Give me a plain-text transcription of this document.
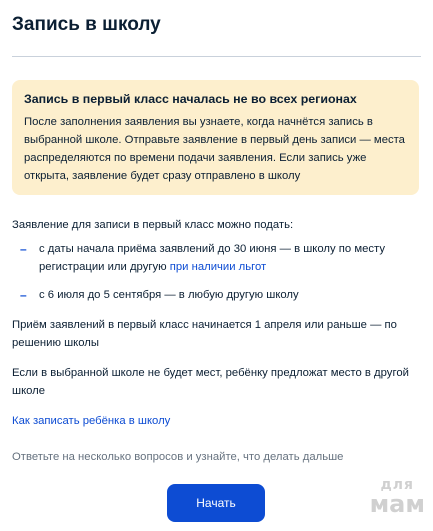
Запись в школу
Запись в первый класс началась не во всех регионах
После заполнения заявления вы узнаете, когда начнётся запись в выбранной школе. Отправьте заявление в первый день записи — места распределяются по времени подачи заявления. Если запись уже открыта, заявление будет сразу отправлено в школу
Заявление для записи в первый класс можно подать:
–	с даты начала приёма заявлений до 30 июня — в школу по месту регистрации или другую при наличии льгот
–	с 6 июля до 5 сентября — в любую другую школу
Приём заявлений в первый класс начинается 1 апреля или раньше — по решению школы
Если в выбранной школе не будет мест, ребёнку предложат место в другой школе
Как записать ребёнка в школу
Ответьте на несколько вопросов и узнайте, что делать дальше
Начать
для
мам
